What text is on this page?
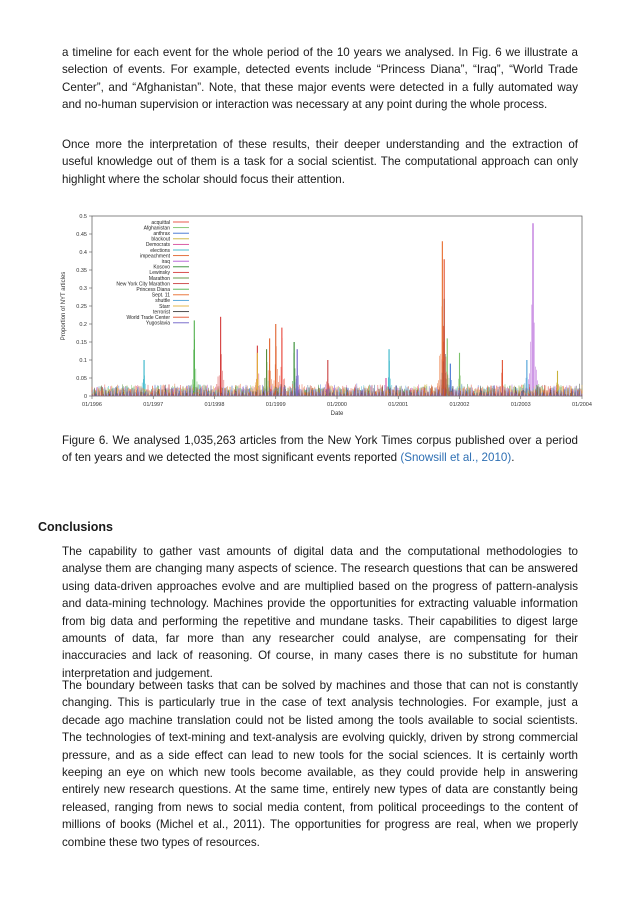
a timeline for each event for the whole period of the 10 years we analysed. In Fig. 6 we illustrate a selection of events. For example, detected events include “Princess Diana”, “Iraq”, “World Trade Center”, and “Afghanistan”. Note, that these major events were detected in a fully automated way and no-human supervision or interaction was necessary at any point during the whole process.

Once more the interpretation of these results, their deeper understanding and the extraction of useful knowledge out of them is a task for a social scientist. The computational approach can only highlight where the scholar should focus their attention.

0
0.05
0.1
0.15
0.2
0.25
0.3
0.35
0.4
0.45
0.5
01/1996	01/1997	01/1998	01/1999	01/2000	01/2001	01/2002	01/2003	01/2004
Date
Proportion of NYT articles
acquittal
Afghanistan
anthrax
blackout
Democrats
elections
impeachment
iraq
Kosovo
Lewinsky
Marathon
New York City Marathon
Princess Diana
Sept. 11
shuttle
Starr
terrorist
World Trade Center
Yugoslavia

Figure 6. We analysed 1,035,263 articles from the New York Times corpus published over a period of ten years and we detected the most significant events reported (Snowsill et al., 2010).

Conclusions

The capability to gather vast amounts of digital data and the computational methodologies to analyse them are changing many aspects of science. The research questions that can be answered using data-driven approaches evolve and are multiplied based on the progress of pattern-analysis and data-mining technology. Machines provide the opportunities for extracting valuable information from big data and performing the repetitive and mundane tasks. Their capabilities to digest large amounts of data, far more than any researcher could analyse, are compensating for their inaccuracies and lack of reasoning. Of course, in many cases there is no substitute for human interpretation and judgement.

The boundary between tasks that can be solved by machines and those that can not is constantly changing. This is particularly true in the case of text analysis technologies. For example, just a decade ago machine translation could not be listed among the tools available to social scientists. The technologies of text-mining and text-analysis are evolving quickly, driven by strong commercial pressure, and as a side effect can lead to new tools for the social sciences. It is certainly worth keeping an eye on which new tools become available, as they could provide help in answering entirely new research questions. At the same time, entirely new types of data are constantly being released, ranging from news to social media content, from political proceedings to the content of millions of books (Michel et al., 2011). The opportunities for progress are real, when we properly combine these two types of resources.
